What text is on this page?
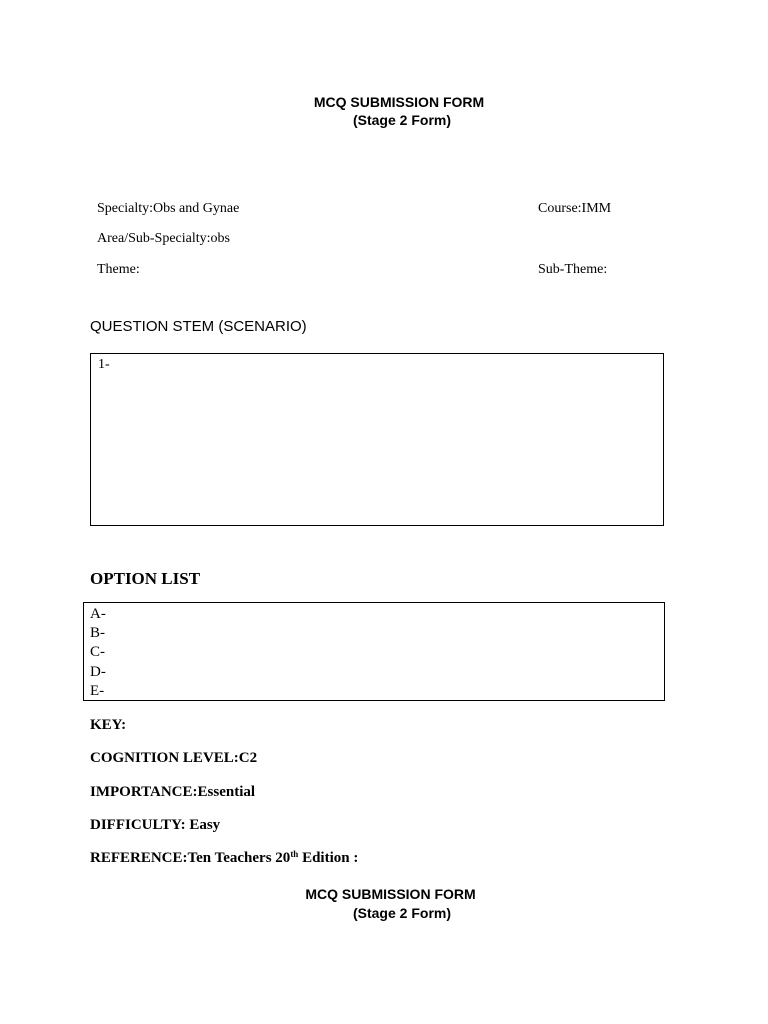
MCQ SUBMISSION FORM
(Stage 2 Form)
Specialty:Obs and Gynae	Course:IMM
Area/Sub-Specialty:obs
Theme:	Sub-Theme:
QUESTION STEM (SCENARIO)
1-
OPTION LIST
A-
B-
C-
D-
E-
KEY:
COGNITION LEVEL:C2
IMPORTANCE:Essential
DIFFICULTY: Easy
REFERENCE:Ten Teachers 20th Edition :
MCQ SUBMISSION FORM
(Stage 2 Form)
